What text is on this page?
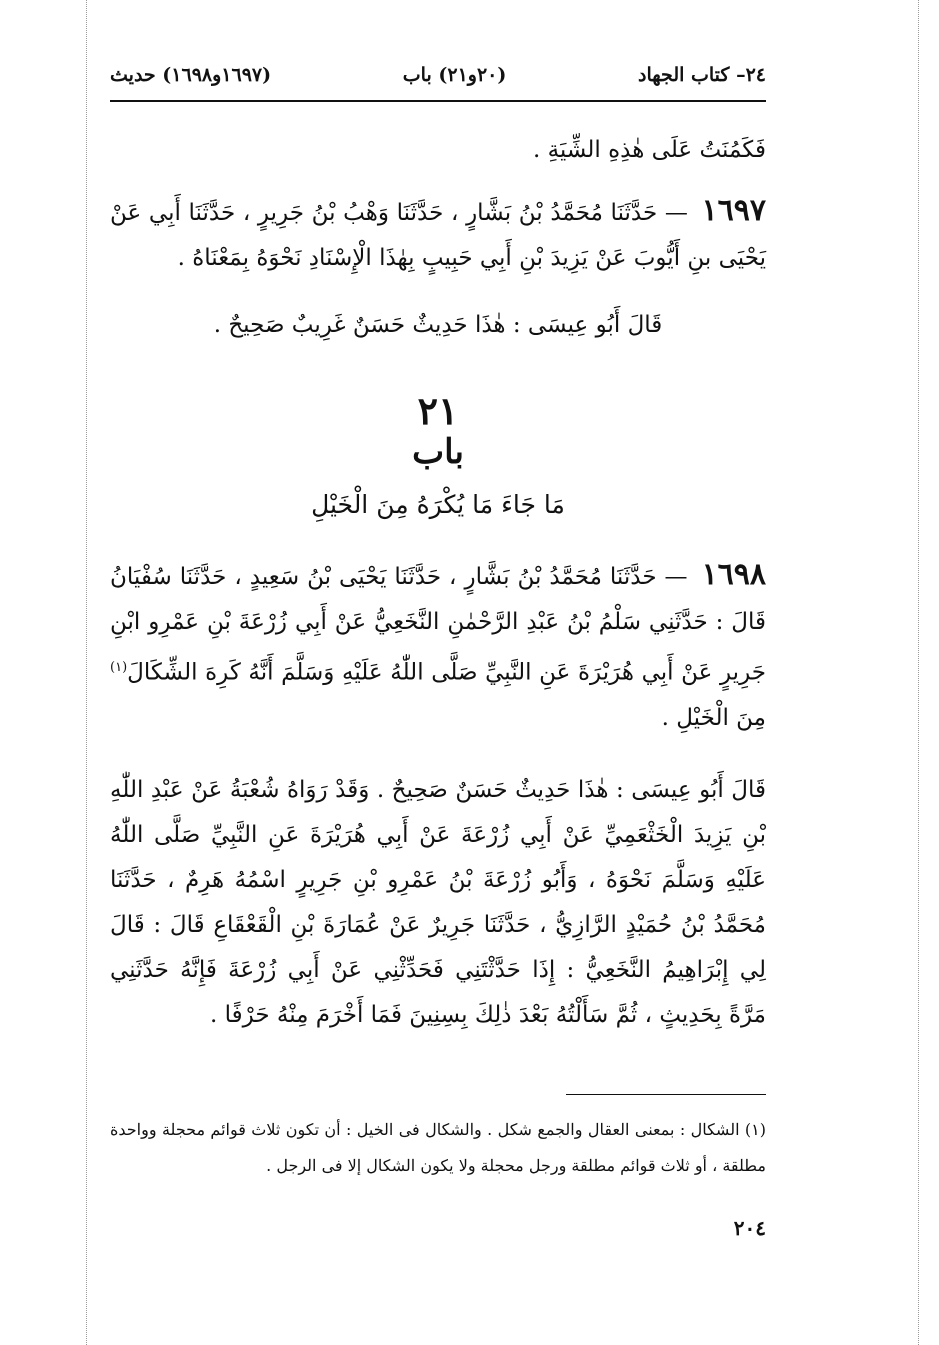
٢٤– كتاب الجهاد
(٢٠و٢١) باب
(١٦٩٧و١٦٩٨) حديث
فَكَمُنَتُ عَلَى هٰذِهِ الشِّيَةِ .
١٦٩٧ — حَدَّثَنَا مُحَمَّدُ بْنُ بَشَّارٍ ، حَدَّثَنَا وَهْبُ بْنُ جَرِيرٍ ، حَدَّثَنَا أَبِي عَنْ يَحْيَى بنِ أَيُّوبَ عَنْ يَزِيدَ بْنِ أَبِي حَبِيبٍ بِهٰذَا الْإِسْنَادِ نَحْوَهُ بِمَعْنَاهُ .
قَالَ أَبُو عِيسَى : هٰذَا حَدِيثٌ حَسَنٌ غَرِيبٌ صَحِيحٌ .
٢١
باب
مَا جَاءَ مَا يُكْرَهُ مِنَ الْخَيْلِ
١٦٩٨ — حَدَّثَنَا مُحَمَّدُ بْنُ بَشَّارٍ ، حَدَّثَنَا يَحْيَى بْنُ سَعِيدٍ ، حَدَّثَنَا سُفْيَانُ قَالَ : حَدَّثَنِي سَلْمُ بْنُ عَبْدِ الرَّحْمٰنِ النَّخَعِيُّ عَنْ أَبِي زُرْعَةَ بْنِ عَمْرِو ابْنِ جَرِيرٍ عَنْ أَبِي هُرَيْرَةَ عَنِ النَّبِيِّ صَلَّى اللّٰهُ عَلَيْهِ وَسَلَّمَ أَنَّهُ كَرِهَ الشِّكَالَ$^{(١)}$ مِنَ الْخَيْلِ .
قَالَ أَبُو عِيسَى : هٰذَا حَدِيثٌ حَسَنٌ صَحِيحٌ . وَقَدْ رَوَاهُ شُعْبَةُ عَنْ عَبْدِ اللّٰهِ بْنِ يَزِيدَ الْخَثْعَمِيِّ عَنْ أَبِي زُرْعَةَ عَنْ أَبِي هُرَيْرَةَ عَنِ النَّبِيِّ صَلَّى اللّٰهُ عَلَيْهِ وَسَلَّمَ نَحْوَهُ ، وَأَبُو زُرْعَةَ بْنُ عَمْرِو بْنِ جَرِيرٍ اسْمُهُ هَرِمٌ ، حَدَّثَنَا مُحَمَّدُ بْنُ حُمَيْدٍ الرَّازِيُّ ، حَدَّثَنَا جَرِيرٌ عَنْ عُمَارَةَ بْنِ الْقَعْقَاعِ قَالَ : قَالَ لِي إِبْرَاهِيمُ النَّخَعِيُّ : إِذَا حَدَّثْتَنِي فَحَدِّثْنِي عَنْ أَبِي زُرْعَةَ فَإِنَّهُ حَدَّثَنِي مَرَّةً بِحَدِيثٍ ، ثُمَّ سَأَلْتُهُ بَعْدَ ذٰلِكَ بِسِنِينَ فَمَا أَخْرَمَ مِنْهُ حَرْفًا .
(١) الشكال : بمعنى العقال والجمع شكل . والشكال فى الخيل : أن تكون ثلاث قوائم محجلة وواحدة مطلقة ، أو ثلاث قوائم مطلقة ورجل محجلة ولا يكون الشكال إلا فى الرجل .
٢٠٤
